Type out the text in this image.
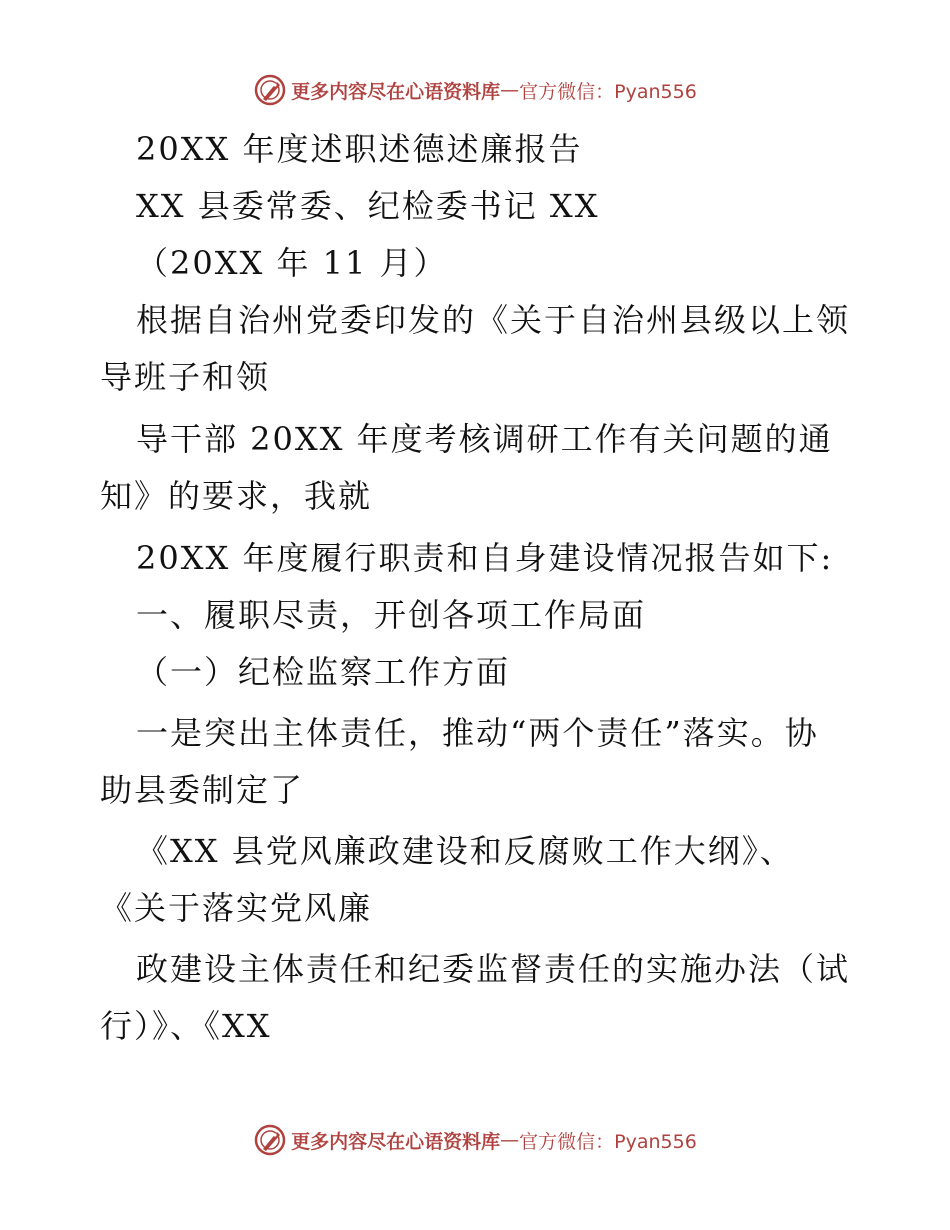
更多内容尽在心语资料库 — 官方微信：Pyan556
20XX 年度述职述德述廉报告
XX 县委常委、纪检委书记 XX
（20XX 年 11 月）
根据自治州党委印发的《关于自治州县级以上领
导班子和领
导干部 20XX 年度考核调研工作有关问题的通
知》的要求，我就
20XX 年度履行职责和自身建设情况报告如下:
一、履职尽责，开创各项工作局面
（一）纪检监察工作方面
一是突出主体责任，推动“两个责任”落实。协
助县委制定了
《XX 县党风廉政建设和反腐败工作大纲》、
《关于落实党风廉
政建设主体责任和纪委监督责任的实施办法（试
行）》、《XX
更多内容尽在心语资料库 — 官方微信：Pyan556
